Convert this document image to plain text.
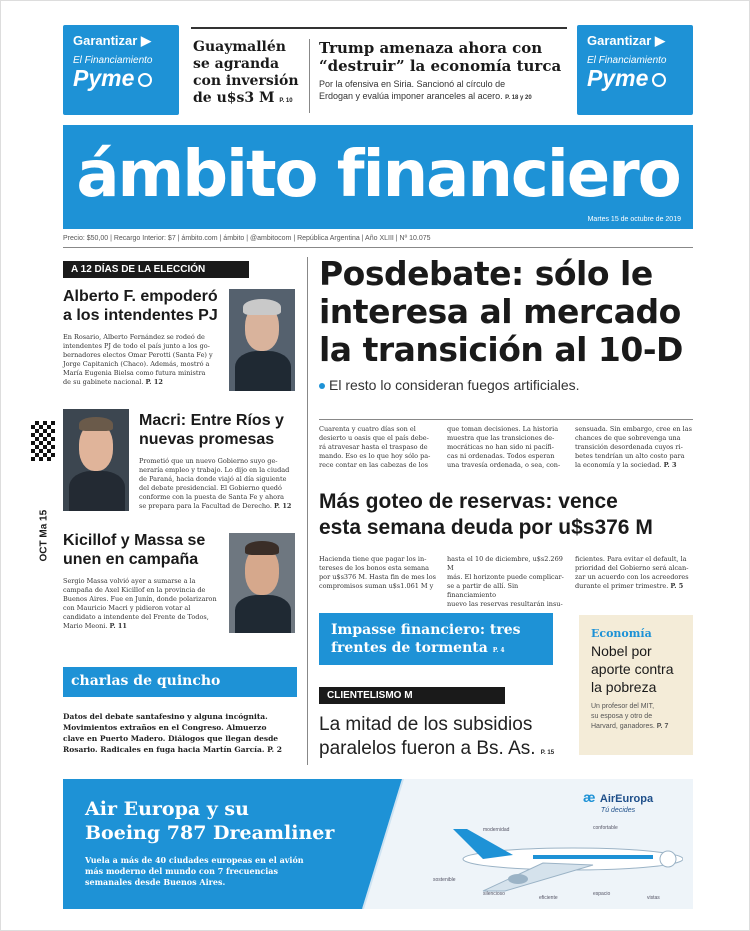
Garantizar ▶
El Financiamiento
Pyme
Garantizar ▶
El Financiamiento
Pyme
Guaymallén
se agranda
con inversión
de u$s3 M P. 10
Trump amenaza ahora con
“destruir” la economía turca
Por la ofensiva en Siria. Sancionó al círculo de
Erdogan y evalúa imponer aranceles al acero. P. 18 y 20
ámbito financiero
Martes 15 de octubre de 2019
Precio: $50,00 | Recargo Interior: $7 | ámbito.com | ámbito | @ambitocom | República Argentina | Año XLIII | Nº 10.075
A 12 DÍAS DE LA ELECCIÓN
Alberto F. empoderó
a los intendentes PJ
En Rosario, Alberto Fernández se rodeó de
intendentes PJ de todo el país junto a los go-
bernadores electos Omar Perotti (Santa Fe) y
Jorge Capitanich (Chaco). Además, mostró a
María Eugenia Bielsa como futura ministra
de su gabinete nacional. P. 12
Macri: Entre Ríos y
nuevas promesas
Prometió que un nuevo Gobierno suyo ge-
neraría empleo y trabajo. Lo dijo en la ciudad
de Paraná, hacia donde viajó al día siguiente
del debate presidencial. El Gobierno quedó
conforme con la puesta de Santa Fe y ahora
se prepara para la Facultad de Derecho. P. 12
Kicillof y Massa se
unen en campaña
Sergio Massa volvió ayer a sumarse a la
campaña de Axel Kicillof en la provincia de
Buenos Aires. Fue en Junín, donde polarizaron
con Mauricio Macri y pidieron votar al
candidato a intendente del Frente de Todos,
Mario Meoni. P. 11
OCT Ma 15
charlas de quincho
Datos del debate santafesino y alguna incógnita.
Movimientos extraños en el Congreso. Almuerzo
clave en Puerto Madero. Diálogos que llegan desde
Rosario. Radicales en fuga hacia Martín García. P. 2
Posdebate: sólo le
interesa al mercado
la transición al 10-D
El resto lo consideran fuegos artificiales.
Cuarenta y cuatro días son el
desierto u oasis que el país debe-
rá atravesar hasta el traspaso de
mando. Eso es lo que hoy sólo pa-
rece contar en las cabezas de los
que toman decisiones. La historia
muestra que las transiciones de-
mocráticas no han sido ni pacífi-
cas ni ordenadas. Todos esperan
una travesía ordenada, o sea, con-
sensuada. Sin embargo, cree en las
chances de que sobrevenga una
transición desordenada cuyos ri-
betes tendrían un alto costo para
la economía y la sociedad. P. 3
Más goteo de reservas: vence
esta semana deuda por u$s376 M
Hacienda tiene que pagar los in-
tereses de los bonos esta semana
por u$s376 M. Hasta fin de mes los
compromisos suman u$s1.061 M y
hasta el 10 de diciembre, u$s2.269 M
más. El horizonte puede complicar-
se a partir de allí. Sin financiamiento
nuevo las reservas resultarán insu-
ficientes. Para evitar el default, la
prioridad del Gobierno será alcan-
zar un acuerdo con los acreedores
durante el primer trimestre. P. 5
Impasse financiero: tres
frentes de tormenta P. 4
CLIENTELISMO M
La mitad de los subsidios
paralelos fueron a Bs. As. P. 15
Economía
Nobel por
aporte contra
la pobreza
Un profesor del MIT,
su esposa y otro de
Harvard, ganadores. P. 7
Air Europa y su
Boeing 787 Dreamliner
Vuela a más de 40 ciudades europeas en el avión
más moderno del mundo con 7 frecuencias
semanales desde Buenos Aires.
æ AirEuropa
Tú decides
modernidad	confortable
sostenible
silencioso
eficiente
espacio
vistas
